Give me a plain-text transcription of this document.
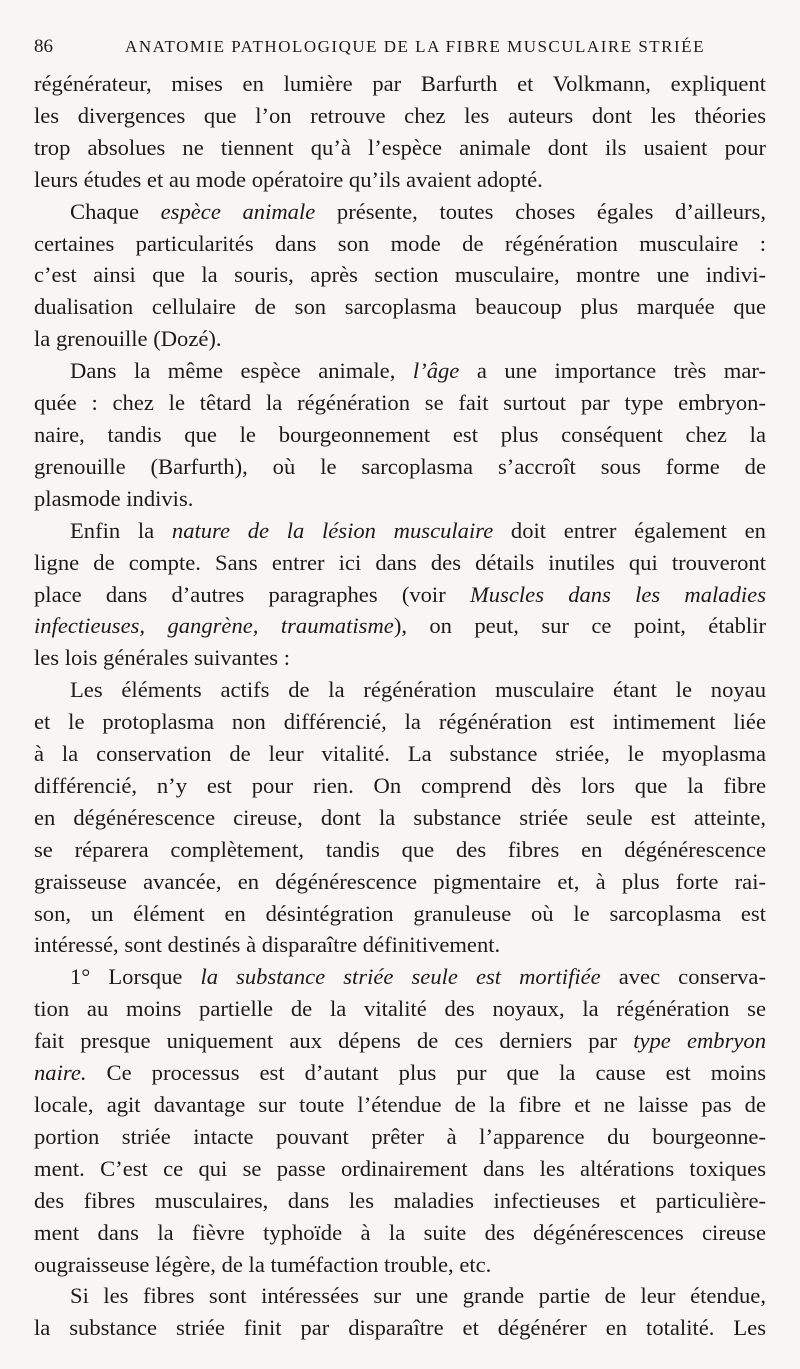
86	ANATOMIE PATHOLOGIQUE DE LA FIBRE MUSCULAIRE STRIÉE
régénérateur, mises en lumière par Barfurth et Volkmann, expliquent
les divergences que l’on retrouve chez les auteurs dont les théories
trop absolues ne tiennent qu’à l’espèce animale dont ils usaient pour
leurs études et au mode opératoire qu’ils avaient adopté.
Chaque espèce animale présente, toutes choses égales d’ailleurs,
certaines particularités dans son mode de régénération musculaire :
c’est ainsi que la souris, après section musculaire, montre une indivi-
dualisation cellulaire de son sarcoplasma beaucoup plus marquée que
la grenouille (Dozé).
Dans la même espèce animale, l’âge a une importance très mar-
quée : chez le têtard la régénération se fait surtout par type embryon-
naire, tandis que le bourgeonnement est plus conséquent chez la
grenouille (Barfurth), où le sarcoplasma s’accroît sous forme de
plasmode indivis.
Enfin la nature de la lésion musculaire doit entrer également en
ligne de compte. Sans entrer ici dans des détails inutiles qui trouveront
place dans d’autres paragraphes (voir Muscles dans les maladies
infectieuses, gangrène, traumatisme), on peut, sur ce point, établir
les lois générales suivantes :
Les éléments actifs de la régénération musculaire étant le noyau
et le protoplasma non différencié, la régénération est intimement liée
à la conservation de leur vitalité. La substance striée, le myoplasma
différencié, n’y est pour rien. On comprend dès lors que la fibre
en dégénérescence cireuse, dont la substance striée seule est atteinte,
se réparera complètement, tandis que des fibres en dégénérescence
graisseuse avancée, en dégénérescence pigmentaire et, à plus forte rai-
son, un élément en désintégration granuleuse où le sarcoplasma est
intéressé, sont destinés à disparaître définitivement.
1° Lorsque la substance striée seule est mortifiée avec conserva-
tion au moins partielle de la vitalité des noyaux, la régénération se
fait presque uniquement aux dépens de ces derniers par type embryon
naire. Ce processus est d’autant plus pur que la cause est moins
locale, agit davantage sur toute l’étendue de la fibre et ne laisse pas de
portion striée intacte pouvant prêter à l’apparence du bourgeonne-
ment. C’est ce qui se passe ordinairement dans les altérations toxiques
des fibres musculaires, dans les maladies infectieuses et particulière-
ment dans la fièvre typhoïde à la suite des dégénérescences cireuse
ougraisseuse légère, de la tuméfaction trouble, etc.
Si les fibres sont intéressées sur une grande partie de leur étendue,
la substance striée finit par disparaître et dégénérer en totalité. Les
